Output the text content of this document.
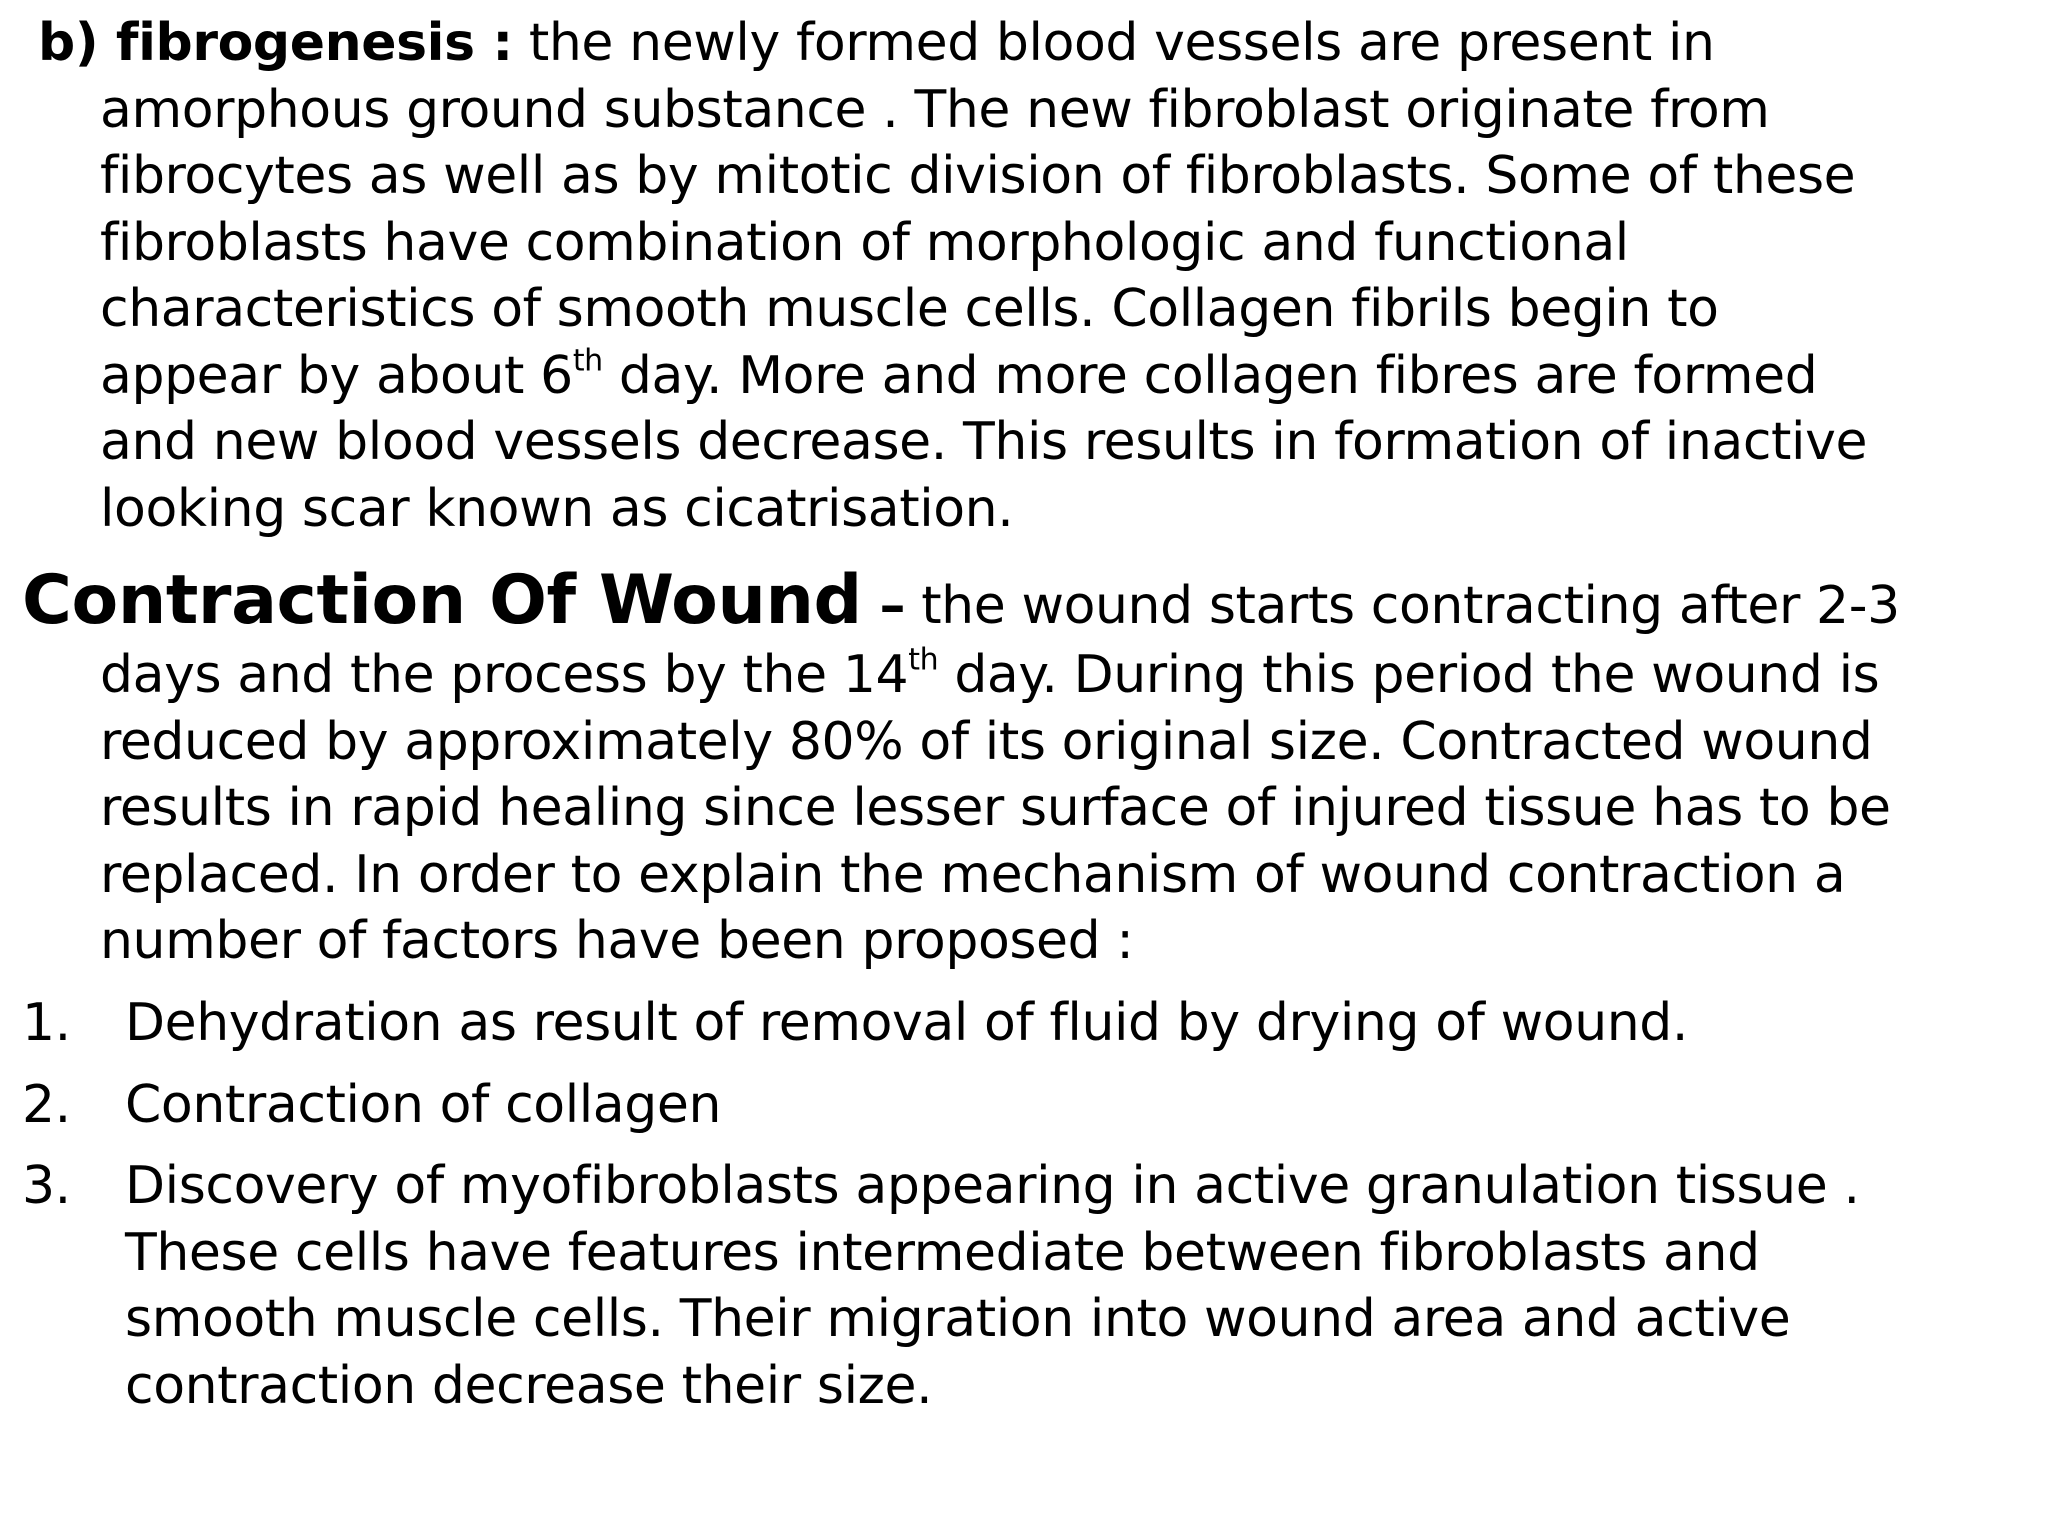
b) fibrogenesis : the newly formed blood vessels are present in
amorphous ground substance . The new fibroblast originate from
fibrocytes as well as by mitotic division of fibroblasts. Some of these
fibroblasts have combination of morphologic and functional
characteristics of smooth muscle cells. Collagen fibrils begin to
appear by about 6th day. More and more collagen fibres are formed
and new blood vessels decrease. This results in formation of inactive
looking scar known as cicatrisation.
Contraction Of Wound – the wound starts contracting after 2-3
days and the process by the 14th day. During this period the wound is
reduced by approximately 80% of its original size. Contracted wound
results in rapid healing since lesser surface of injured tissue has to be
replaced. In order to explain the mechanism of wound contraction a
number of factors have been proposed :
1. Dehydration as result of removal of fluid by drying of wound.
2. Contraction of collagen
3. Discovery of myofibroblasts appearing in active granulation tissue .
These cells have features intermediate between fibroblasts and
smooth muscle cells. Their migration into wound area and active
contraction decrease their size.
